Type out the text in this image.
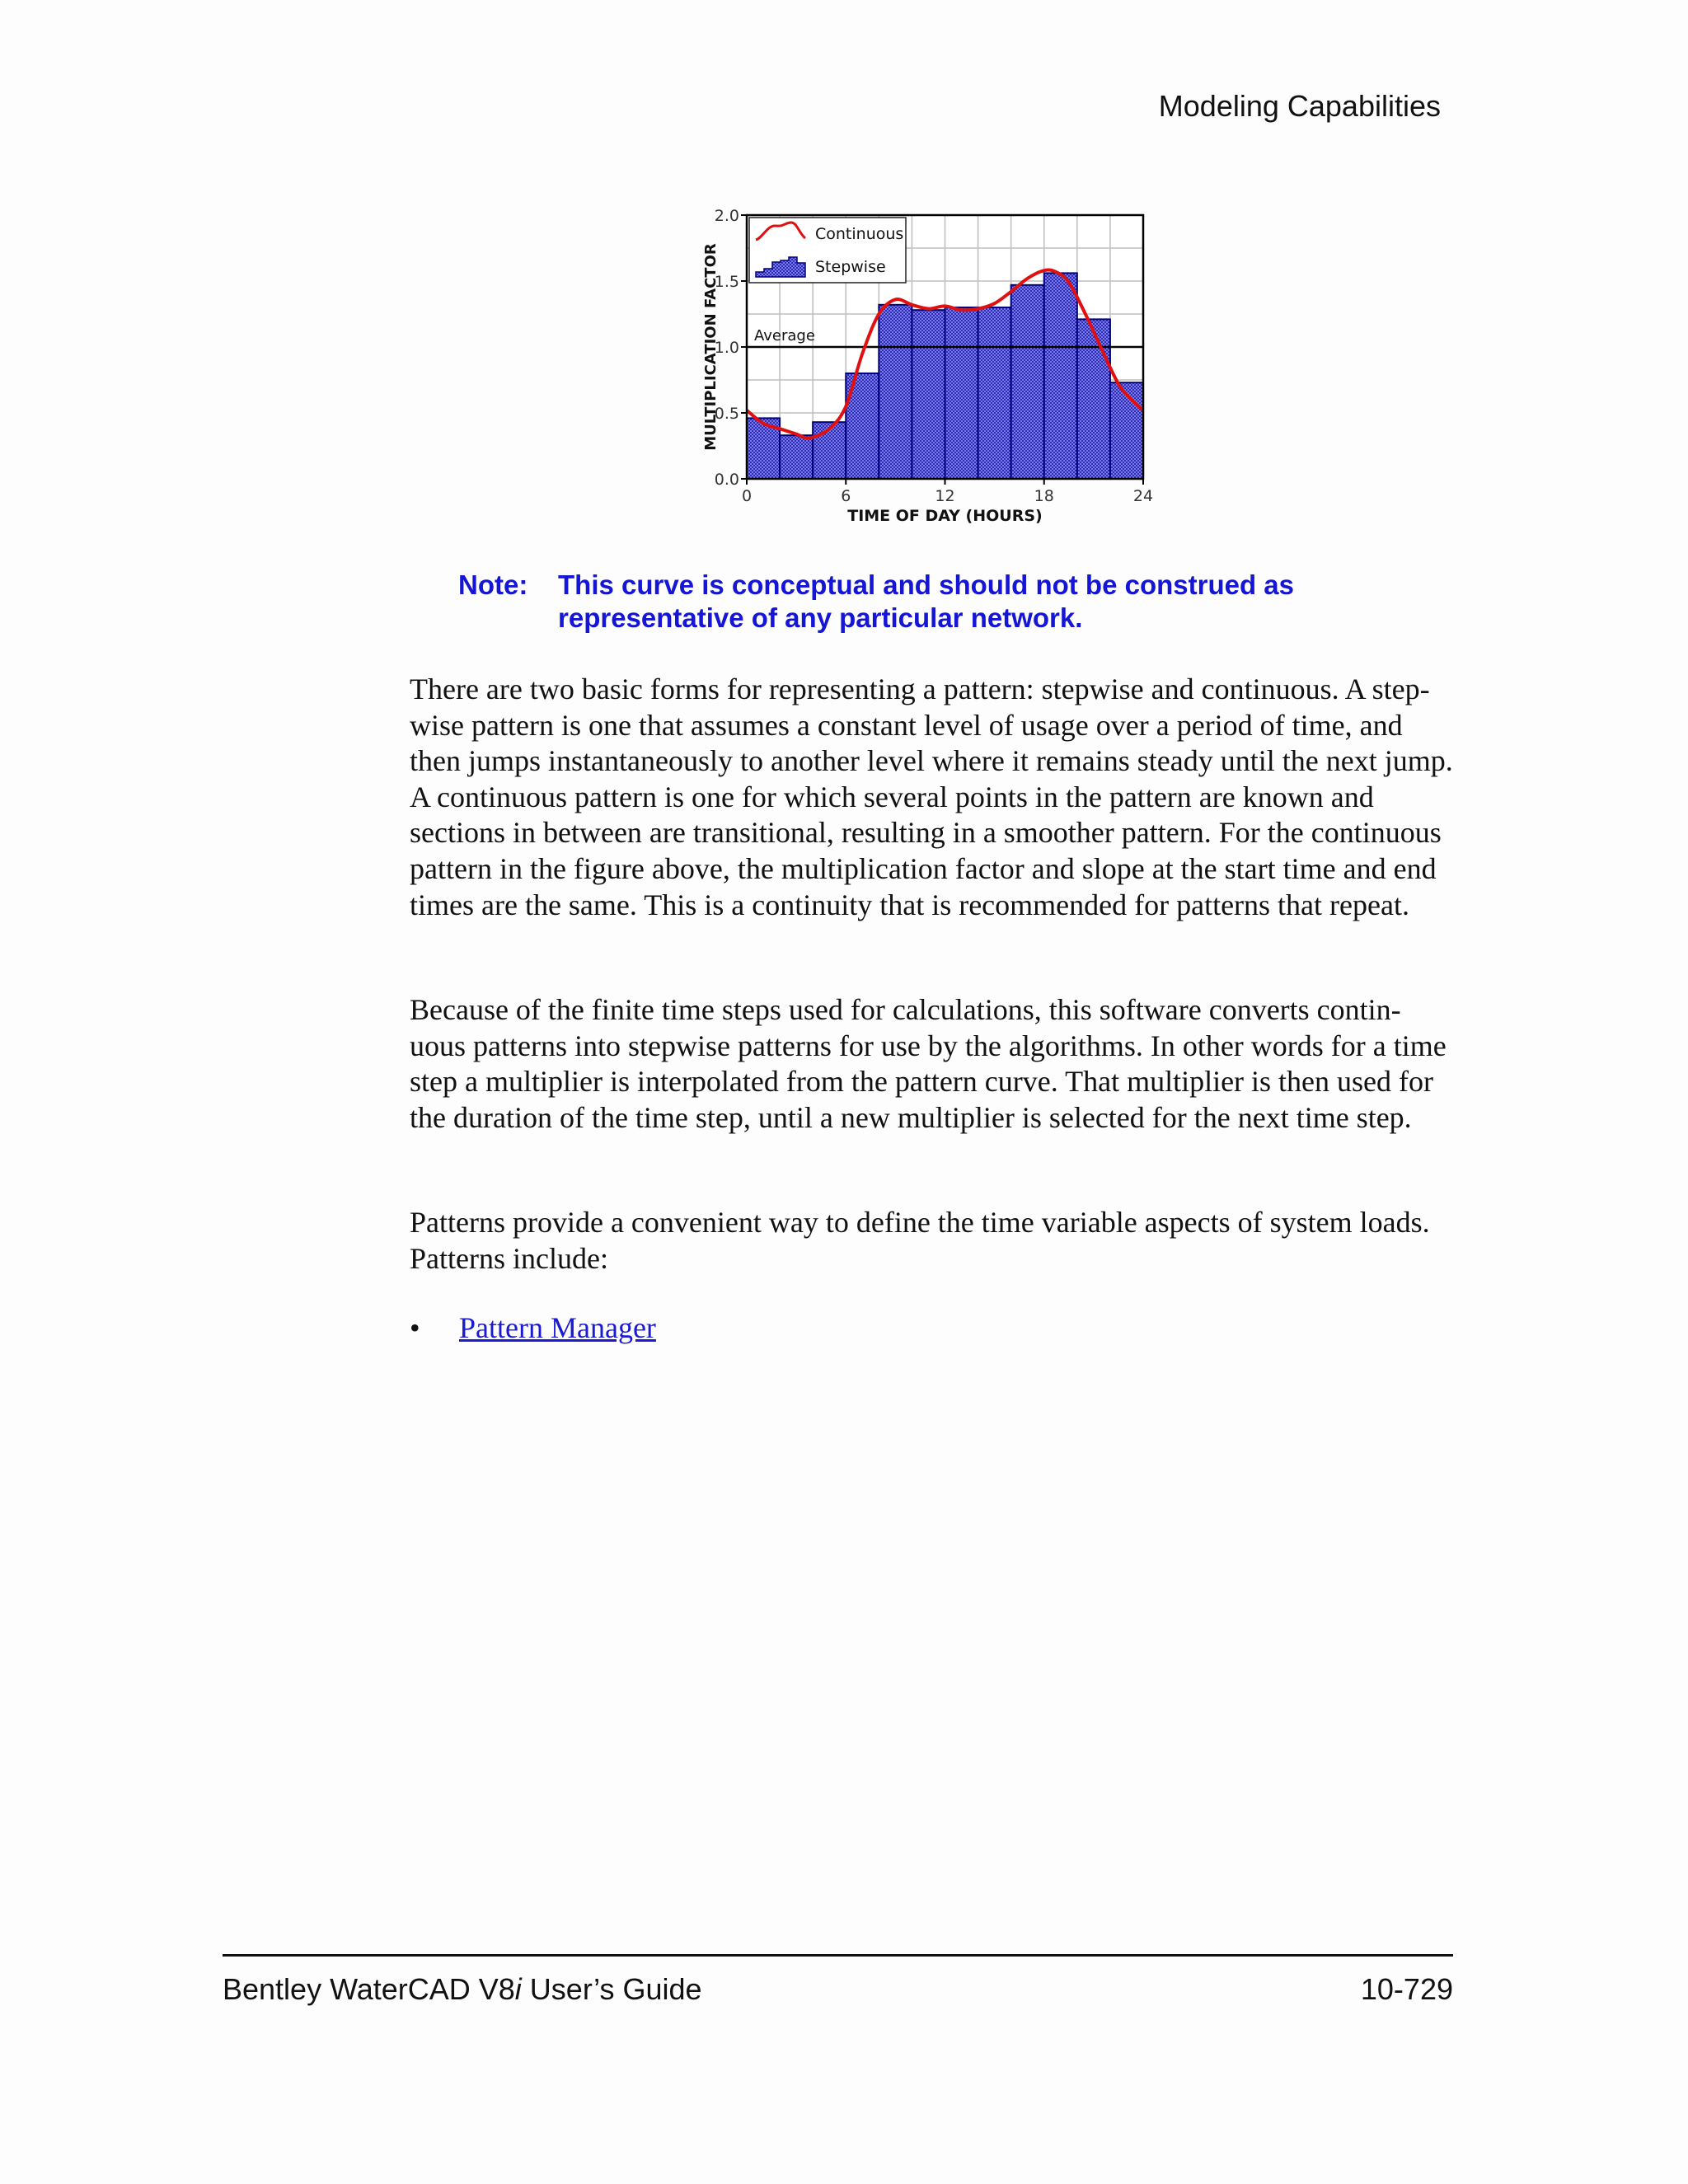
Modeling Capabilities
Average
0	6	12	18	24
0.0
0.5
1.0
1.5
2.0
Continuous
Stepwise
TIME OF DAY (HOURS)
MULTIPLICATION FACTOR
Note: This curve is conceptual and should not be construed as representative of any particular network.

There are two basic forms for representing a pattern: stepwise and continuous. A step-wise pattern is one that assumes a constant level of usage over a period of time, and then jumps instantaneously to another level where it remains steady until the next jump. A continuous pattern is one for which several points in the pattern are known and sections in between are transitional, resulting in a smoother pattern. For the continuous pattern in the figure above, the multiplication factor and slope at the start time and end times are the same. This is a continuity that is recommended for patterns that repeat.

Because of the finite time steps used for calculations, this software converts contin-uous patterns into stepwise patterns for use by the algorithms. In other words for a time step a multiplier is interpolated from the pattern curve. That multiplier is then used for the duration of the time step, until a new multiplier is selected for the next time step.

Patterns provide a convenient way to define the time variable aspects of system loads. Patterns include:

• Pattern Manager
Bentley WaterCAD V8i User’s Guide	10-729
